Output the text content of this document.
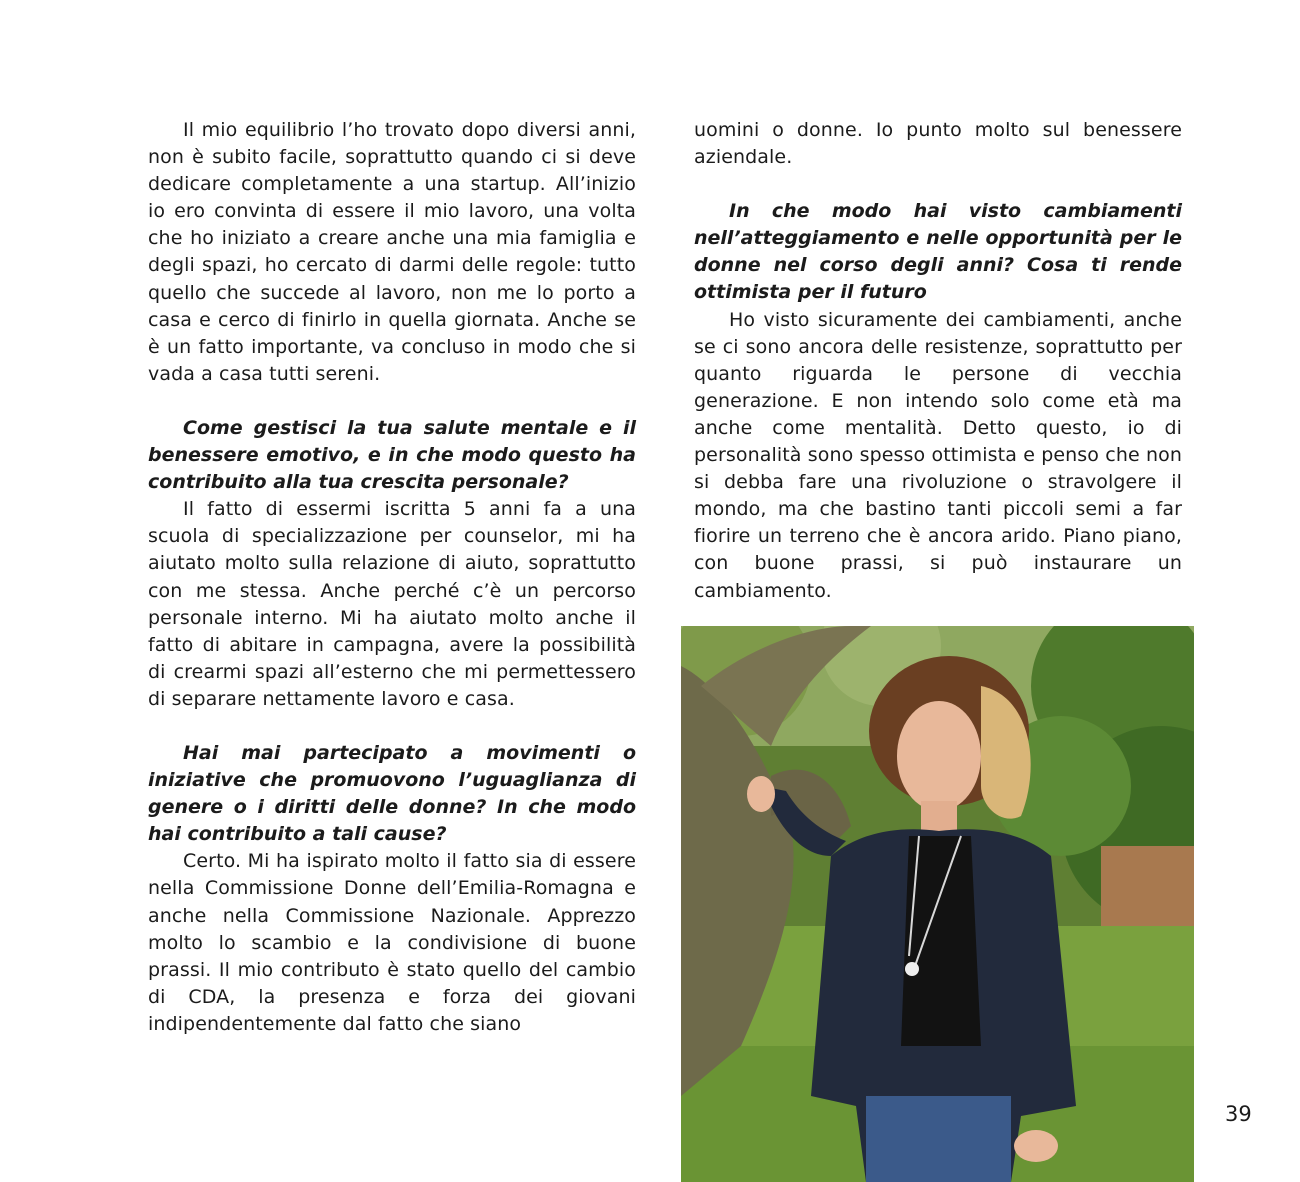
Il mio equilibrio l’ho trovato dopo diversi anni, non è subito facile, soprattutto quando ci si deve dedicare completamente a una startup. All’inizio io ero convinta di essere il mio lavoro, una volta che ho iniziato a creare anche una mia famiglia e degli spazi, ho cercato di darmi delle regole: tutto quello che succede al lavoro, non me lo porto a casa e cerco di finirlo in quella giornata. Anche se è un fatto importante, va concluso in modo che si vada a casa tutti sereni.

Come gestisci la tua salute mentale e il benessere emotivo, e in che modo questo ha contribuito alla tua crescita personale?

Il fatto di essermi iscritta 5 anni fa a una scuola di specializzazione per counselor, mi ha aiutato molto sulla relazione di aiuto, soprattutto con me stessa. Anche perché c’è un percorso personale interno. Mi ha aiutato molto anche il fatto di abitare in campagna, avere la possibilità di crearmi spazi all’esterno che mi permettessero di separare nettamente lavoro e casa.

Hai mai partecipato a movimenti o iniziative che promuovono l’uguaglianza di genere o i diritti delle donne? In che modo hai contribuito a tali cause?

Certo. Mi ha ispirato molto il fatto sia di essere nella Commissione Donne dell’Emilia-Romagna e anche nella Commissione Nazionale. Apprezzo molto lo scambio e la condivisione di buone prassi. Il mio contributo è stato quello del cambio di CDA, la presenza e forza dei giovani indipendentemente dal fatto che siano

uomini o donne. Io punto molto sul benessere aziendale.

In che modo hai visto cambiamenti nell’atteggiamento e nelle opportunità per le donne nel corso degli anni? Cosa ti rende ottimista per il futuro

Ho visto sicuramente dei cambiamenti, anche se ci sono ancora delle resistenze, soprattutto per quanto riguarda le persone di vecchia generazione. E non intendo solo come età ma anche come mentalità. Detto questo, io di personalità sono spesso ottimista e penso che non si debba fare una rivoluzione o stravolgere il mondo, ma che bastino tanti piccoli semi a far fiorire un terreno che è ancora arido. Piano piano, con buone prassi, si può instaurare un cambiamento.

39
